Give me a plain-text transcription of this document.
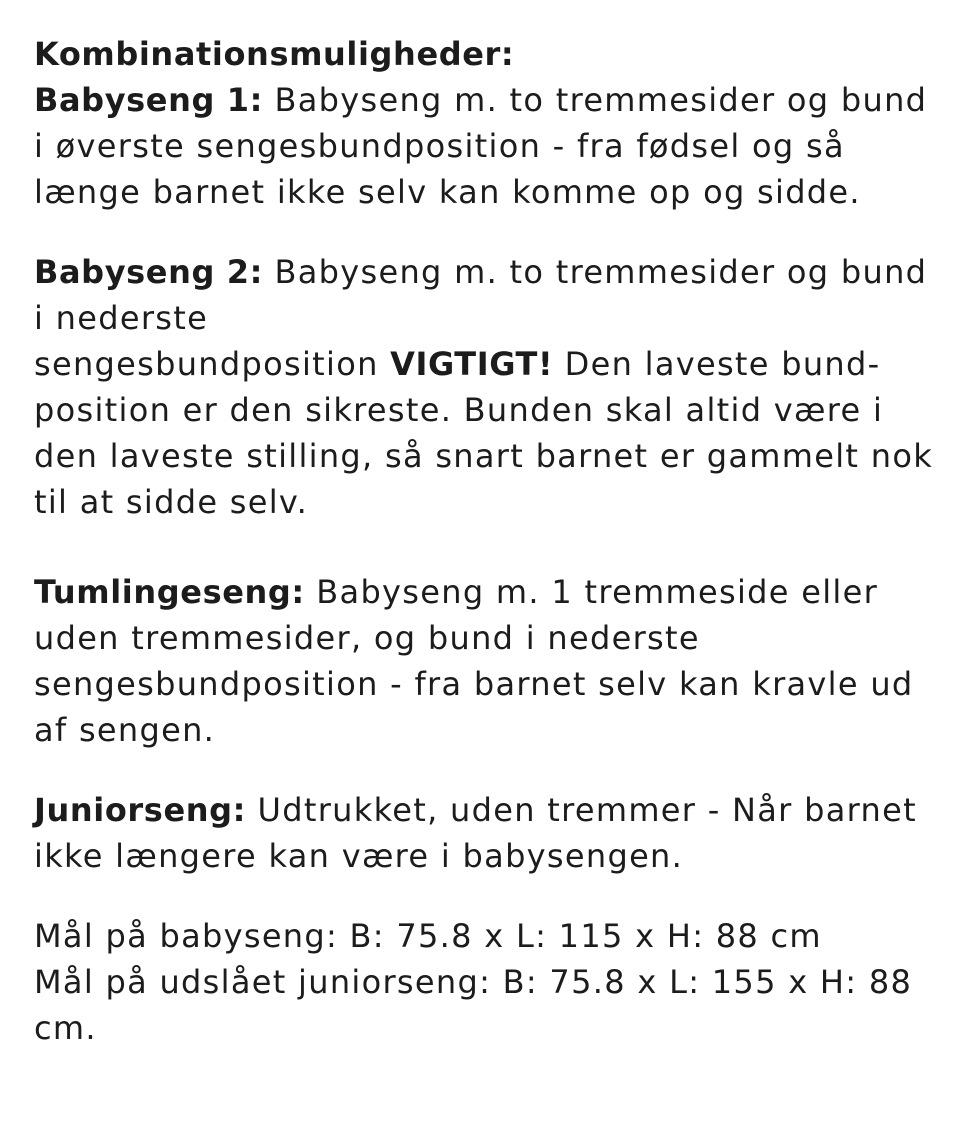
Kombinationsmuligheder:
Babyseng 1: Babyseng m. to tremmesider og bund i øverste sengesbundposition - fra fødsel og så længe barnet ikke selv kan komme op og sidde.

Babyseng 2: Babyseng m. to tremmesider og bund i nederste
sengesbundposition VIGTIGT! Den laveste bund-position er den sikreste. Bunden skal altid være i den laveste stilling, så snart barnet er gammelt nok til at sidde selv.

Tumlingeseng: Babyseng m. 1 tremmeside eller uden tremmesider, og bund i nederste sengesbundposition - fra barnet selv kan kravle ud af sengen.

Juniorseng: Udtrukket, uden tremmer - Når barnet ikke længere kan være i babysengen.

Mål på babyseng: B: 75.8 x L: 115 x H: 88 cm
Mål på udslået juniorseng: B: 75.8 x L: 155 x H: 88 cm.
